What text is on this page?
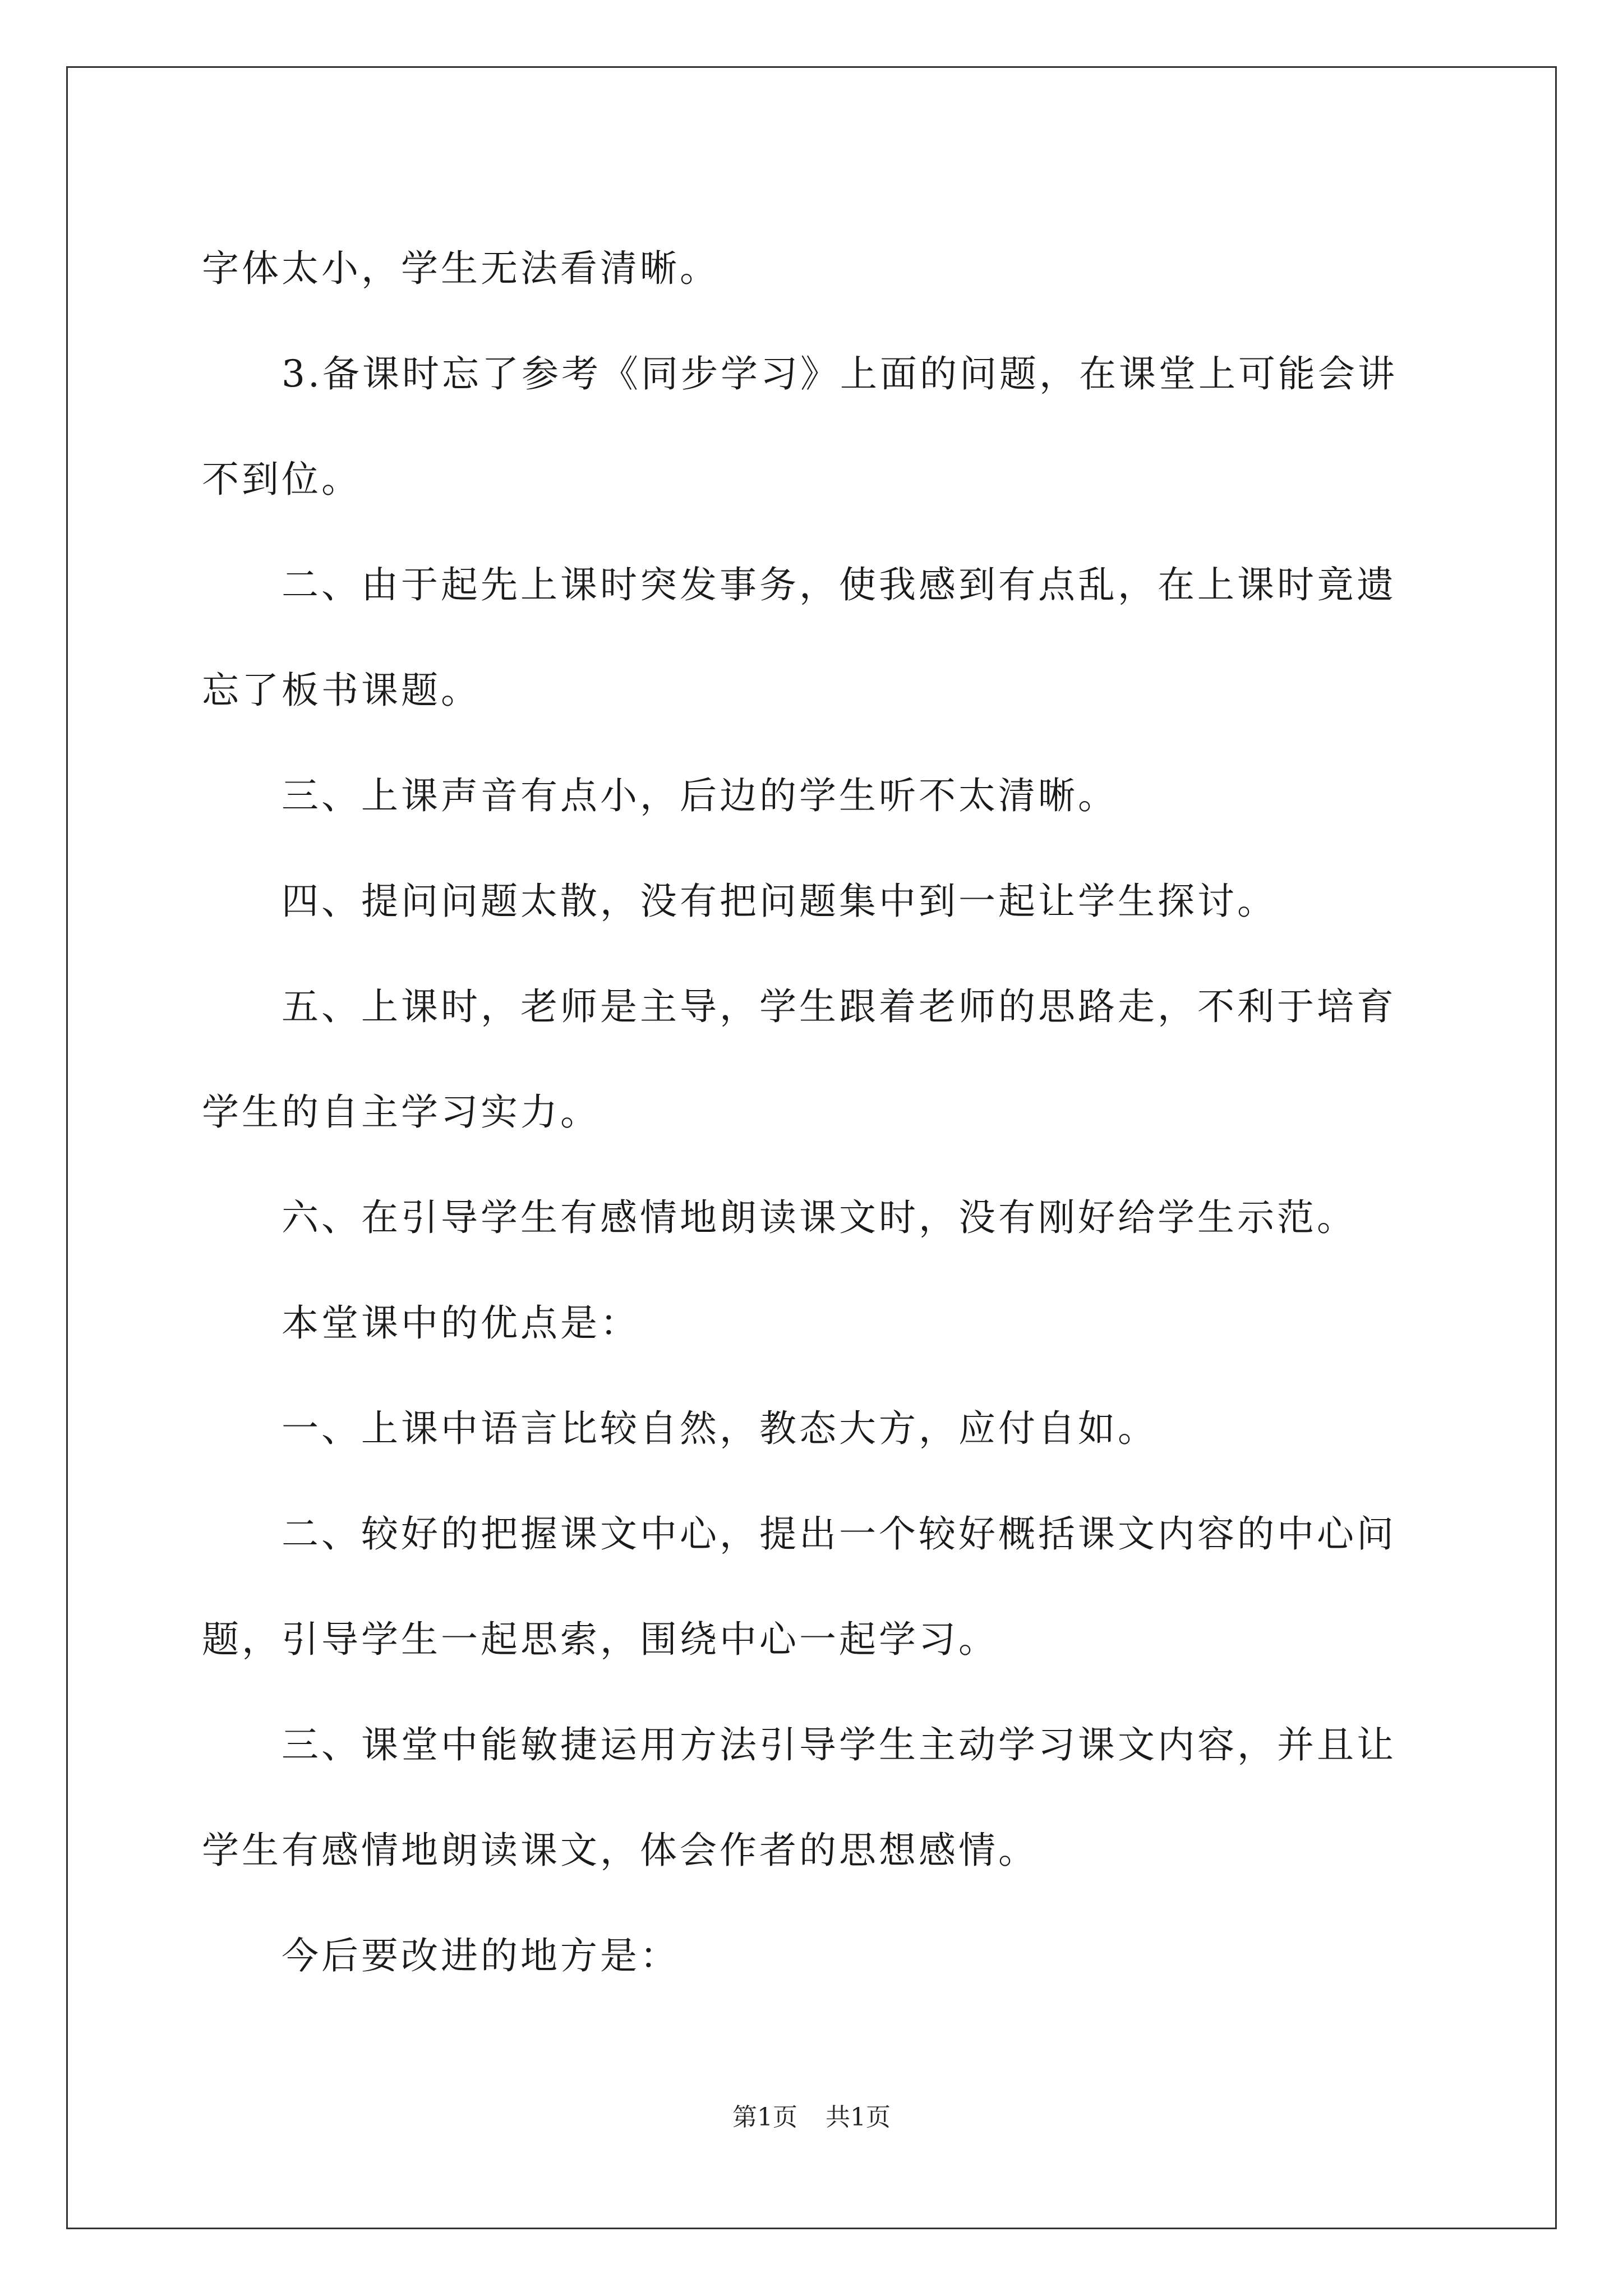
字体太小，学生无法看清晰。

3.备课时忘了参考《同步学习》上面的问题，在课堂上可能会讲

不到位。

二、由于起先上课时突发事务，使我感到有点乱，在上课时竟遗

忘了板书课题。

三、上课声音有点小，后边的学生听不太清晰。

四、提问问题太散，没有把问题集中到一起让学生探讨。

五、上课时，老师是主导，学生跟着老师的思路走，不利于培育

学生的自主学习实力。

六、在引导学生有感情地朗读课文时，没有刚好给学生示范。

本堂课中的优点是：

一、上课中语言比较自然，教态大方，应付自如。

二、较好的把握课文中心，提出一个较好概括课文内容的中心问

题，引导学生一起思索，围绕中心一起学习。

三、课堂中能敏捷运用方法引导学生主动学习课文内容，并且让

学生有感情地朗读课文，体会作者的思想感情。

今后要改进的地方是：

第1页 共1页
